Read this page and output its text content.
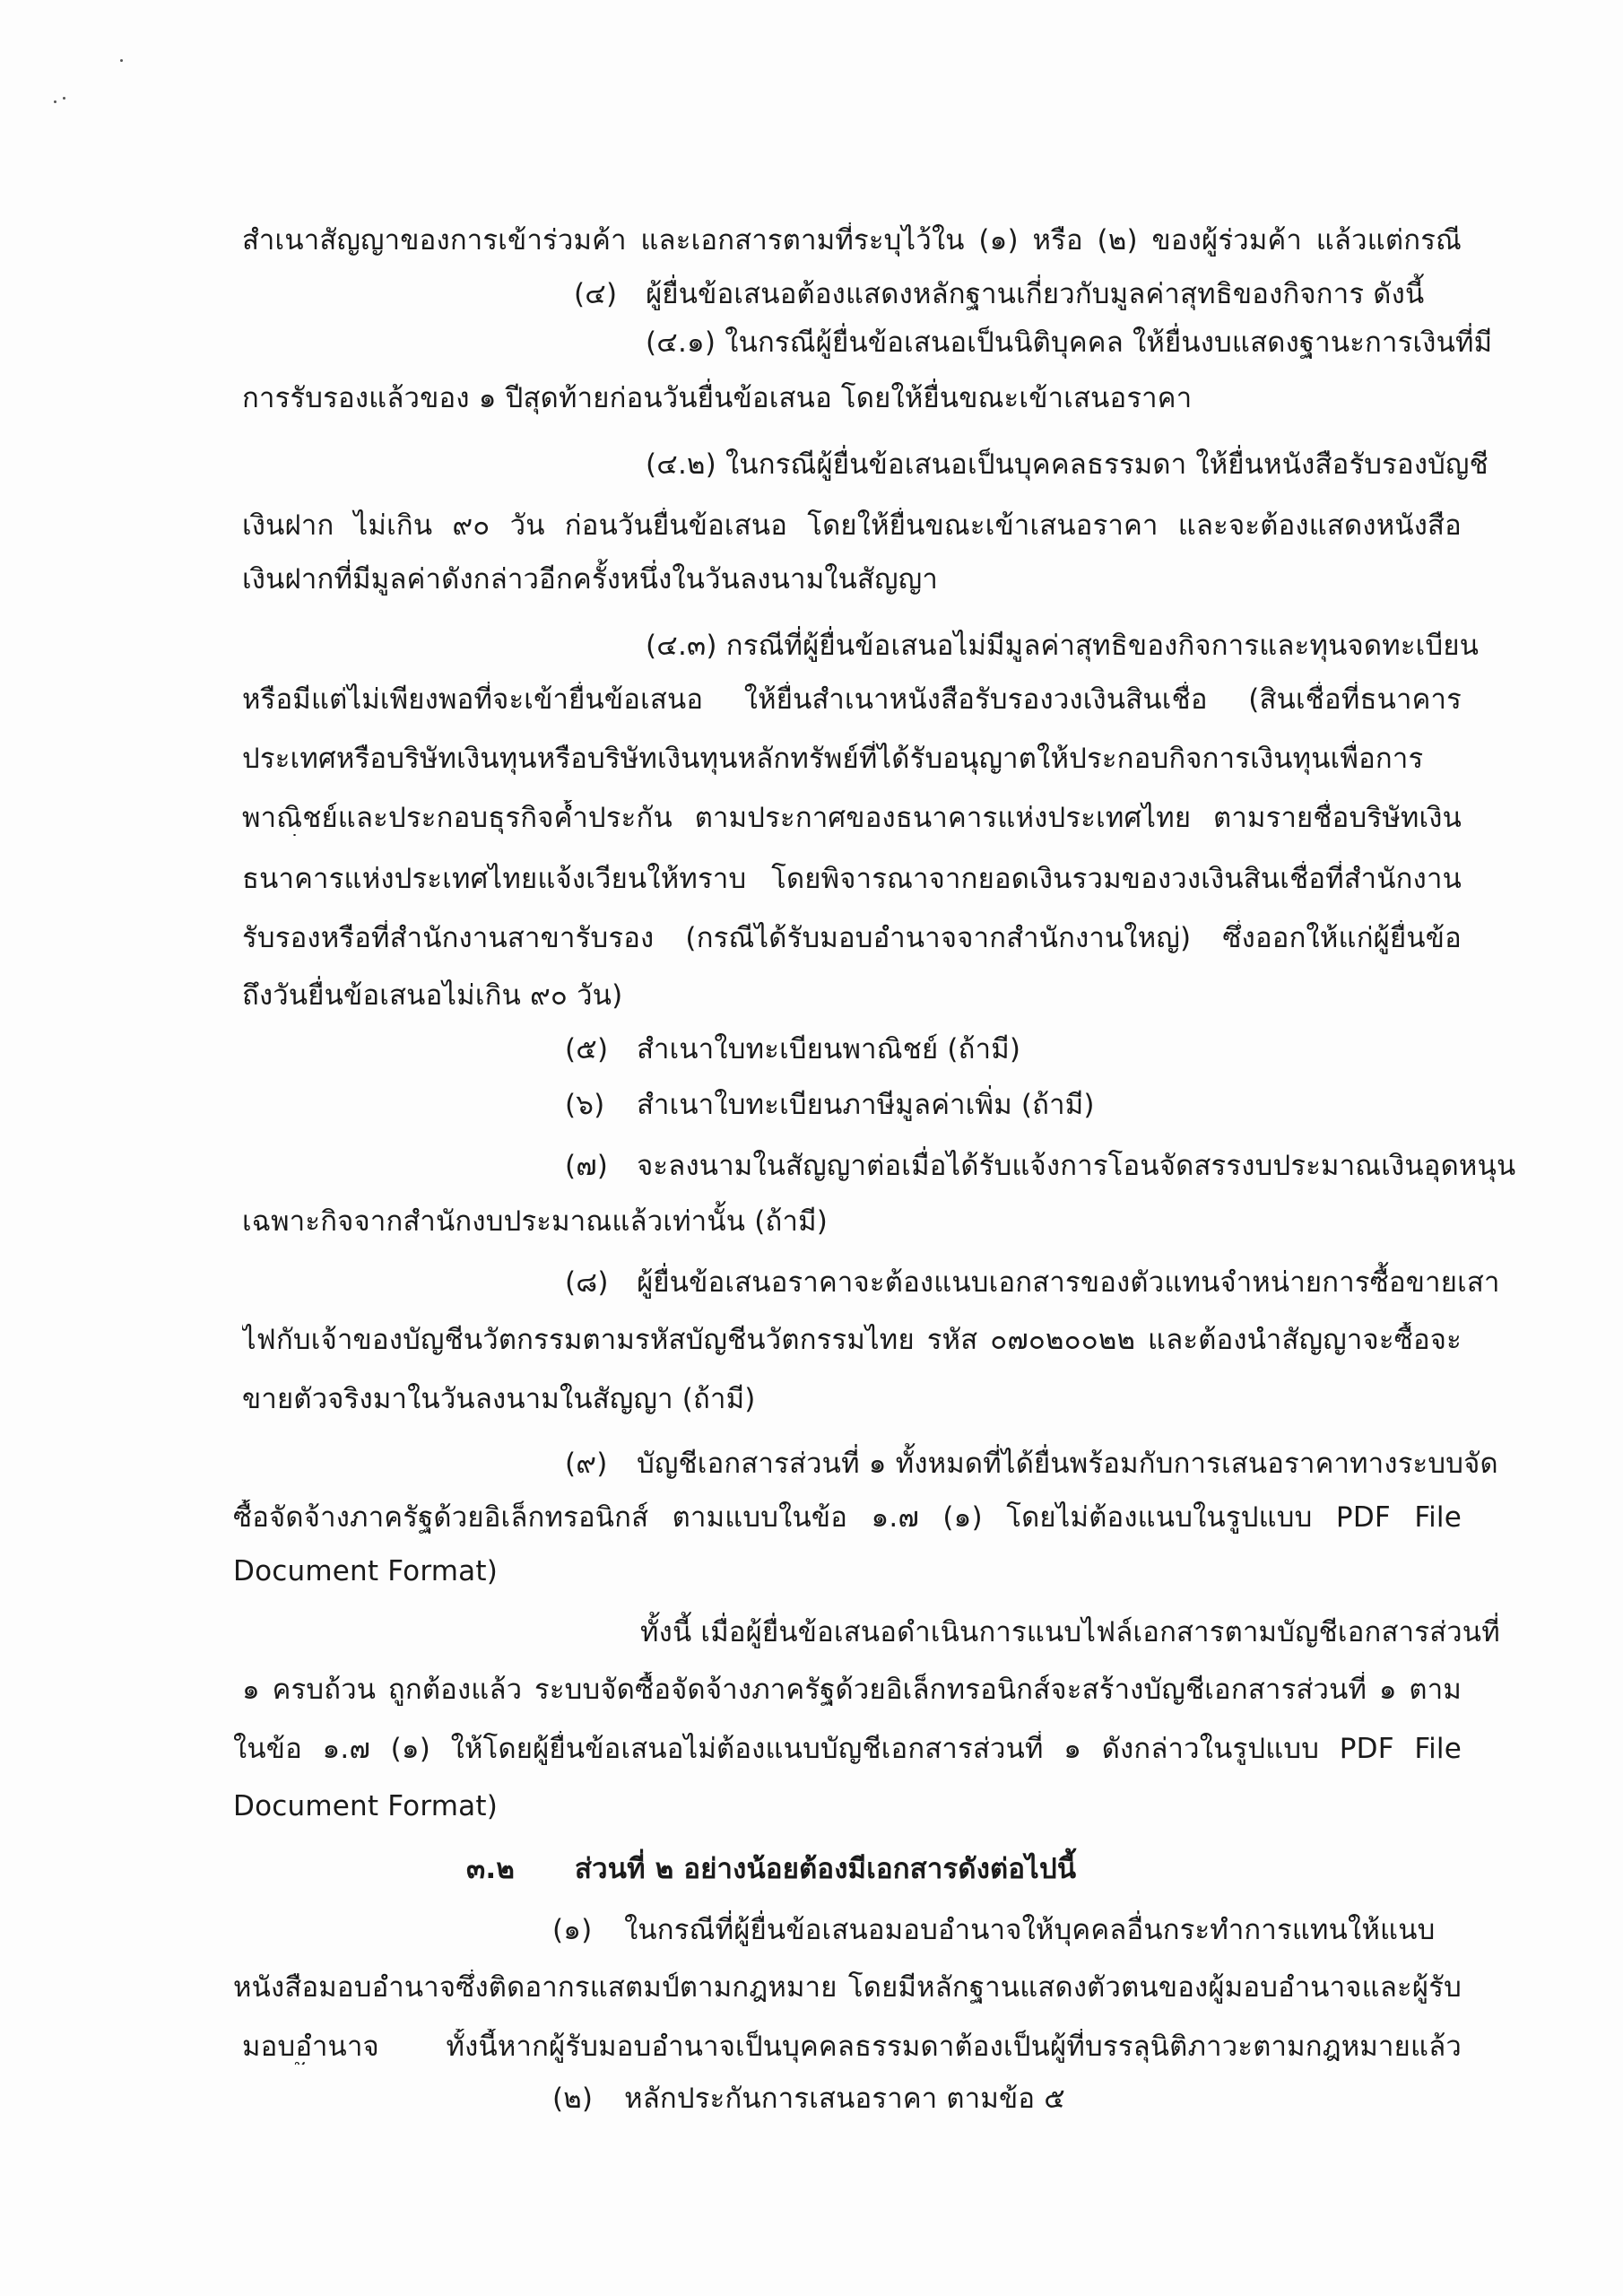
สำเนาสัญญาของการเข้าร่วมค้า และเอกสารตามที่ระบุไว้ใน (๑) หรือ (๒) ของผู้ร่วมค้า แล้วแต่กรณี
(๔) ผู้ยื่นข้อเสนอต้องแสดงหลักฐานเกี่ยวกับมูลค่าสุทธิของกิจการ ดังนี้
(๔.๑) ในกรณีผู้ยื่นข้อเสนอเป็นนิติบุคคล ให้ยื่นงบแสดงฐานะการเงินที่มี
การรับรองแล้วของ ๑ ปีสุดท้ายก่อนวันยื่นข้อเสนอ โดยให้ยื่นขณะเข้าเสนอราคา
(๔.๒) ในกรณีผู้ยื่นข้อเสนอเป็นบุคคลธรรมดา ให้ยื่นหนังสือรับรองบัญชี
เงินฝาก ไม่เกิน ๙๐ วัน ก่อนวันยื่นข้อเสนอ โดยให้ยื่นขณะเข้าเสนอราคา และจะต้องแสดงหนังสือ
เงินฝากที่มีมูลค่าดังกล่าวอีกครั้งหนึ่งในวันลงนามในสัญญา
(๔.๓) กรณีที่ผู้ยื่นข้อเสนอไม่มีมูลค่าสุทธิของกิจการและทุนจดทะเบียน
หรือมีแต่ไม่เพียงพอที่จะเข้ายื่นข้อเสนอ ให้ยื่นสำเนาหนังสือรับรองวงเงินสินเชื่อ (สินเชื่อที่ธนาคาร
ประเทศหรือบริษัทเงินทุนหรือบริษัทเงินทุนหลักทรัพย์ที่ได้รับอนุญาตให้ประกอบกิจการเงินทุนเพื่อการ
พาณิชย์และประกอบธุรกิจค้ำประกัน ตามประกาศของธนาคารแห่งประเทศไทย ตามรายชื่อบริษัทเงิน
ธนาคารแห่งประเทศไทยแจ้งเวียนให้ทราบ โดยพิจารณาจากยอดเงินรวมของวงเงินสินเชื่อที่สำนักงาน
รับรองหรือที่สำนักงานสาขารับรอง (กรณีได้รับมอบอำนาจจากสำนักงานใหญ่) ซึ่งออกให้แก่ผู้ยื่นข้อ
ถึงวันยื่นข้อเสนอไม่เกิน ๙๐ วัน)
(๕) สำเนาใบทะเบียนพาณิชย์ (ถ้ามี)
(๖) สำเนาใบทะเบียนภาษีมูลค่าเพิ่ม (ถ้ามี)
(๗) จะลงนามในสัญญาต่อเมื่อได้รับแจ้งการโอนจัดสรรงบประมาณเงินอุดหนุน
เฉพาะกิจจากสำนักงบประมาณแล้วเท่านั้น (ถ้ามี)
(๘) ผู้ยื่นข้อเสนอราคาจะต้องแนบเอกสารของตัวแทนจำหน่ายการซื้อขายเสา
ไฟกับเจ้าของบัญชีนวัตกรรมตามรหัสบัญชีนวัตกรรมไทย รหัส ๐๗๐๒๐๐๒๒ และต้องนำสัญญาจะซื้อจะ
ขายตัวจริงมาในวันลงนามในสัญญา (ถ้ามี)
(๙) บัญชีเอกสารส่วนที่ ๑ ทั้งหมดที่ได้ยื่นพร้อมกับการเสนอราคาทางระบบจัด
ซื้อจัดจ้างภาครัฐด้วยอิเล็กทรอนิกส์ ตามแบบในข้อ ๑.๗ (๑) โดยไม่ต้องแนบในรูปแบบ PDF File
Document Format)
ทั้งนี้ เมื่อผู้ยื่นข้อเสนอดำเนินการแนบไฟล์เอกสารตามบัญชีเอกสารส่วนที่
๑ ครบถ้วน ถูกต้องแล้ว ระบบจัดซื้อจัดจ้างภาครัฐด้วยอิเล็กทรอนิกส์จะสร้างบัญชีเอกสารส่วนที่ ๑ ตาม
ในข้อ ๑.๗ (๑) ให้โดยผู้ยื่นข้อเสนอไม่ต้องแนบบัญชีเอกสารส่วนที่ ๑ ดังกล่าวในรูปแบบ PDF File
Document Format)
๓.๒ ส่วนที่ ๒ อย่างน้อยต้องมีเอกสารดังต่อไปนี้
(๑) ในกรณีที่ผู้ยื่นข้อเสนอมอบอำนาจให้บุคคลอื่นกระทำการแทนให้แนบ
หนังสือมอบอำนาจซึ่งติดอากรแสตมป์ตามกฎหมาย โดยมีหลักฐานแสดงตัวตนของผู้มอบอำนาจและผู้รับ
มอบอำนาจ ทั้งนี้หากผู้รับมอบอำนาจเป็นบุคคลธรรมดาต้องเป็นผู้ที่บรรลุนิติภาวะตามกฎหมายแล้ว
(๒) หลักประกันการเสนอราคา ตามข้อ ๕
